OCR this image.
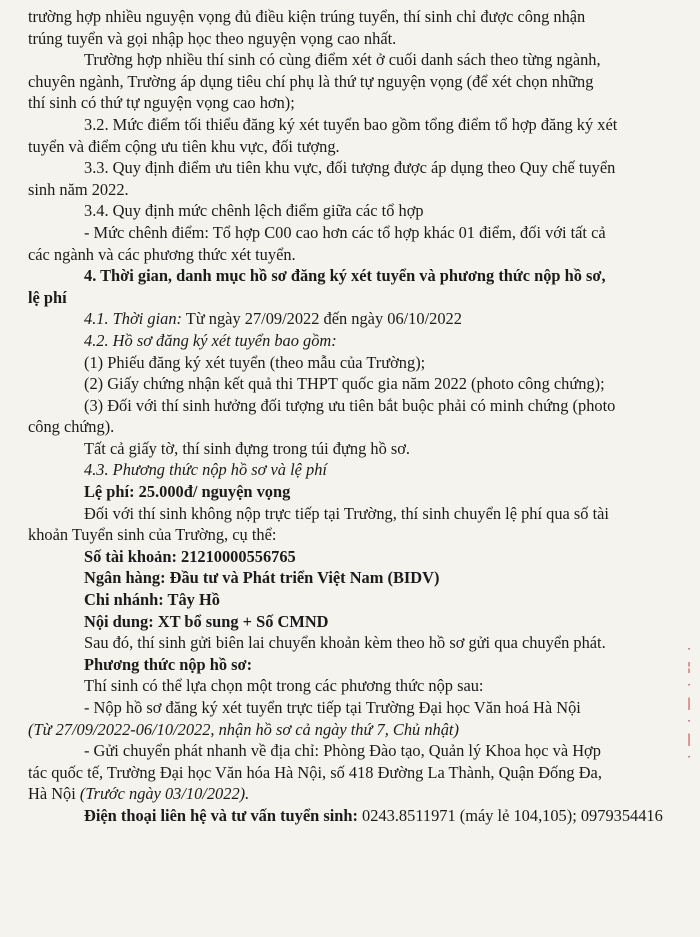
trường hợp nhiều nguyện vọng đủ điều kiện trúng tuyển, thí sinh chỉ được công nhận

trúng tuyển và gọi nhập học theo nguyện vọng cao nhất.

Trường hợp nhiều thí sinh có cùng điểm xét ở cuối danh sách theo từng ngành,

chuyên ngành, Trường áp dụng tiêu chí phụ là thứ tự nguyện vọng (để xét chọn những

thí sinh có thứ tự nguyện vọng cao hơn);

3.2. Mức điểm tối thiểu đăng ký xét tuyển bao gồm tổng điểm tổ hợp đăng ký xét

tuyển và điểm cộng ưu tiên khu vực, đối tượng.

3.3. Quy định điểm ưu tiên khu vực, đối tượng được áp dụng theo Quy chế tuyển

sinh năm 2022.

3.4. Quy định mức chênh lệch điểm giữa các tổ hợp

- Mức chênh điểm: Tổ hợp C00 cao hơn các tổ hợp khác 01 điểm, đối với tất cả

các ngành và các phương thức xét tuyển.

4. Thời gian, danh mục hồ sơ đăng ký xét tuyển và phương thức nộp hồ sơ,

lệ phí

4.1. Thời gian: Từ ngày 27/09/2022 đến ngày 06/10/2022

4.2. Hồ sơ đăng ký xét tuyển bao gồm:

(1) Phiếu đăng ký xét tuyển (theo mẫu của Trường);

(2) Giấy chứng nhận kết quả thi THPT quốc gia năm 2022 (photo công chứng);

(3) Đối với thí sinh hưởng đối tượng ưu tiên bắt buộc phải có minh chứng (photo

công chứng).

Tất cả giấy tờ, thí sinh đựng trong túi đựng hồ sơ.

4.3. Phương thức nộp hồ sơ và lệ phí

Lệ phí: 25.000đ/ nguyện vọng

Đối với thí sinh không nộp trực tiếp tại Trường, thí sinh chuyển lệ phí qua số tài

khoản Tuyển sinh của Trường, cụ thể:

Số tài khoản: 21210000556765

Ngân hàng: Đầu tư và Phát triển Việt Nam (BIDV)

Chi nhánh: Tây Hồ

Nội dung: XT bổ sung + Số CMND

Sau đó, thí sinh gửi biên lai chuyển khoản kèm theo hồ sơ gửi qua chuyển phát.

Phương thức nộp hồ sơ:

Thí sinh có thể lựa chọn một trong các phương thức nộp sau:

- Nộp hồ sơ đăng ký xét tuyển trực tiếp tại Trường Đại học Văn hoá Hà Nội

(Từ 27/09/2022-06/10/2022, nhận hồ sơ cả ngày thứ 7, Chủ nhật)

- Gửi chuyển phát nhanh về địa chỉ: Phòng Đào tạo, Quản lý Khoa học và Hợp

tác quốc tế, Trường Đại học Văn hóa Hà Nội, số 418 Đường La Thành, Quận Đống Đa,

Hà Nội (Trước ngày 03/10/2022).

Điện thoại liên hệ và tư vấn tuyển sinh: 0243.8511971 (máy lẻ 104,105); 0979354416

·
¦
·
|
·
|
·
